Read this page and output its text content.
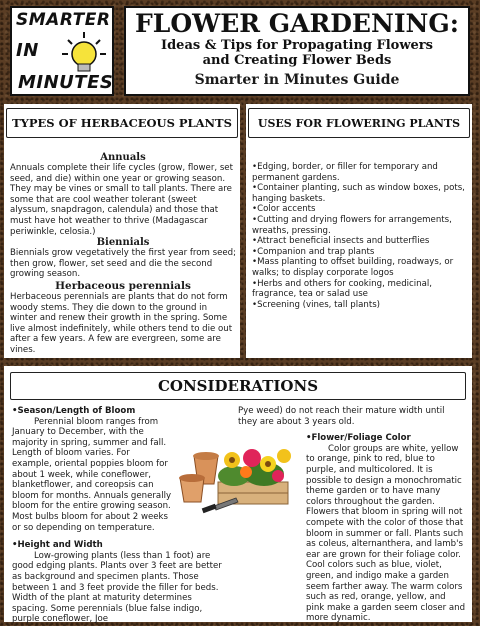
SMARTER
IN
MINUTES
FLOWER GARDENING:
Ideas & Tips for Propagating Flowers
and Creating Flower Beds
Smarter in Minutes Guide
TYPES OF HERBACEOUS PLANTS
Annuals
Annuals complete their life cycles (grow, flower, set seed, and die) within one year or growing season. They may be vines or small to tall plants. There are some that are cool weather tolerant (sweet alyssum, snapdragon, calendula) and those that must have hot weather to thrive (Madagascar periwinkle, celosia.)
Biennials
Biennials grow vegetatively the first year from seed; then grow, flower, set seed and die the second growing season.
Herbaceous perennials
Herbaceous perennials are plants that do not form woody stems. They die down to the ground in winter and renew their growth in the spring. Some live almost indefinitely, while others tend to die out after a few years. A few are evergreen, some are vines.
USES FOR FLOWERING PLANTS
•Edging, border, or filler for temporary and permanent gardens.
•Container planting, such as window boxes, pots, hanging baskets.
•Color accents
•Cutting and drying flowers for arrangements, wreaths, pressing.
•Attract beneficial insects and butterflies
•Companion and trap plants
•Mass planting to offset building, roadways, or walks; to display corporate logos
•Herbs and others for cooking, medicinal, fragrance, tea or salad use
•Screening (vines, tall plants)
CONSIDERATIONS
•Season/Length of Bloom
Perennial bloom ranges from January to December, with the majority in spring, summer and fall. Length of bloom varies. For example, oriental poppies bloom for about 1 week, while coneflower, blanketflower, and coreopsis can bloom for months. Annuals generally bloom for the entire growing season. Most bulbs bloom for about 2 weeks or so depending on temperature.
•Height and Width
Low-growing plants (less than 1 foot) are good edging plants. Plants over 3 feet are better as background and specimen plants. Those between 1 and 3 feet provide the filler for beds. Width of the plant at maturity determines spacing. Some perennials (blue false indigo, purple coneflower, Joe
Pye weed) do not reach their mature width until they are about 3 years old.
•Flower/Foliage Color
Color groups are white, yellow to orange, pink to red, blue to purple, and multicolored. It is possible to design a monochromatic theme garden or to have many colors throughout the garden. Flowers that bloom in spring will not compete with the color of those that bloom in summer or fall. Plants such as coleus, alternanthera, and lamb's ear are grown for their foliage color. Cool colors such as blue, violet, green, and indigo make a garden seem farther away. The warm colors such as red, orange, yellow, and pink make a garden seem closer and more dynamic.
